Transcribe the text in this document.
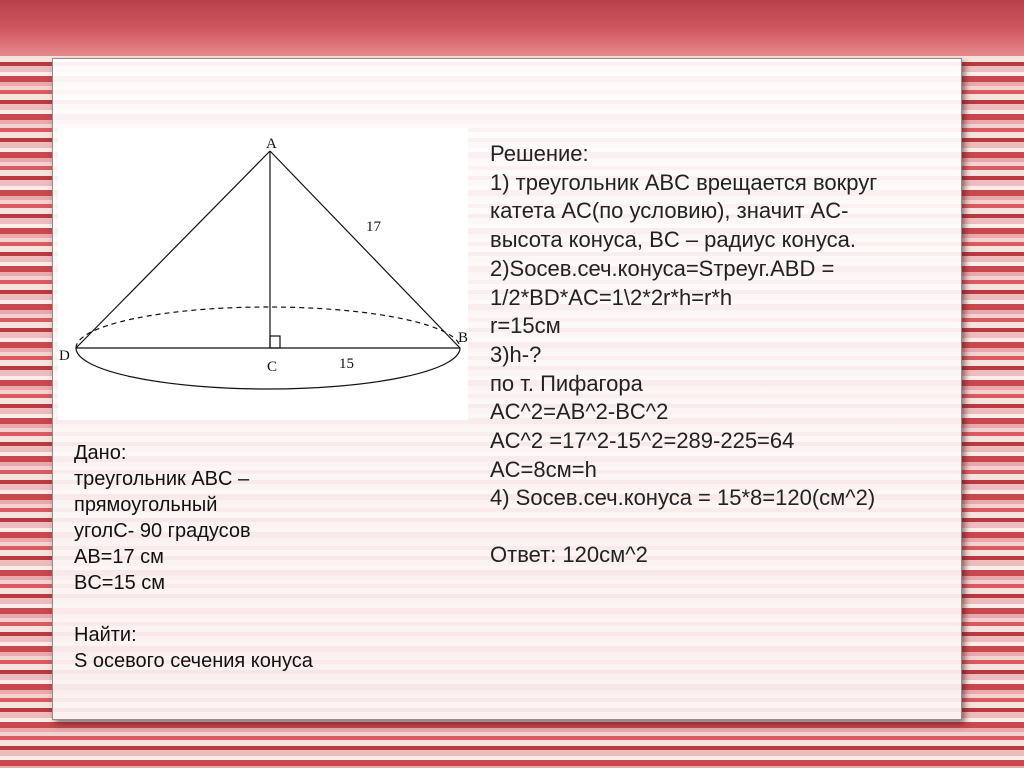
A
D
C
B
17
15
Дано:
треугольник ABC –
прямоугольный
уголC- 90 градусов
AB=17 см
BC=15 см
Найти:
S осевого сечения конуса
Решение:
1) треугольник ABC врещается вокруг
катета AC(по условию), значит AC-
высота конуса, BC – радиус конуса.
2)Sосев.сеч.конуса=Sтреуг.ABD =
1/2*BD*AC=1\2*2r*h=r*h
r=15см
3)h-?
по т. Пифагора
AC^2=AB^2-BC^2
AC^2 =17^2-15^2=289-225=64
AC=8см=h
4) Sосев.сеч.конуса = 15*8=120(см^2)
Ответ: 120см^2
